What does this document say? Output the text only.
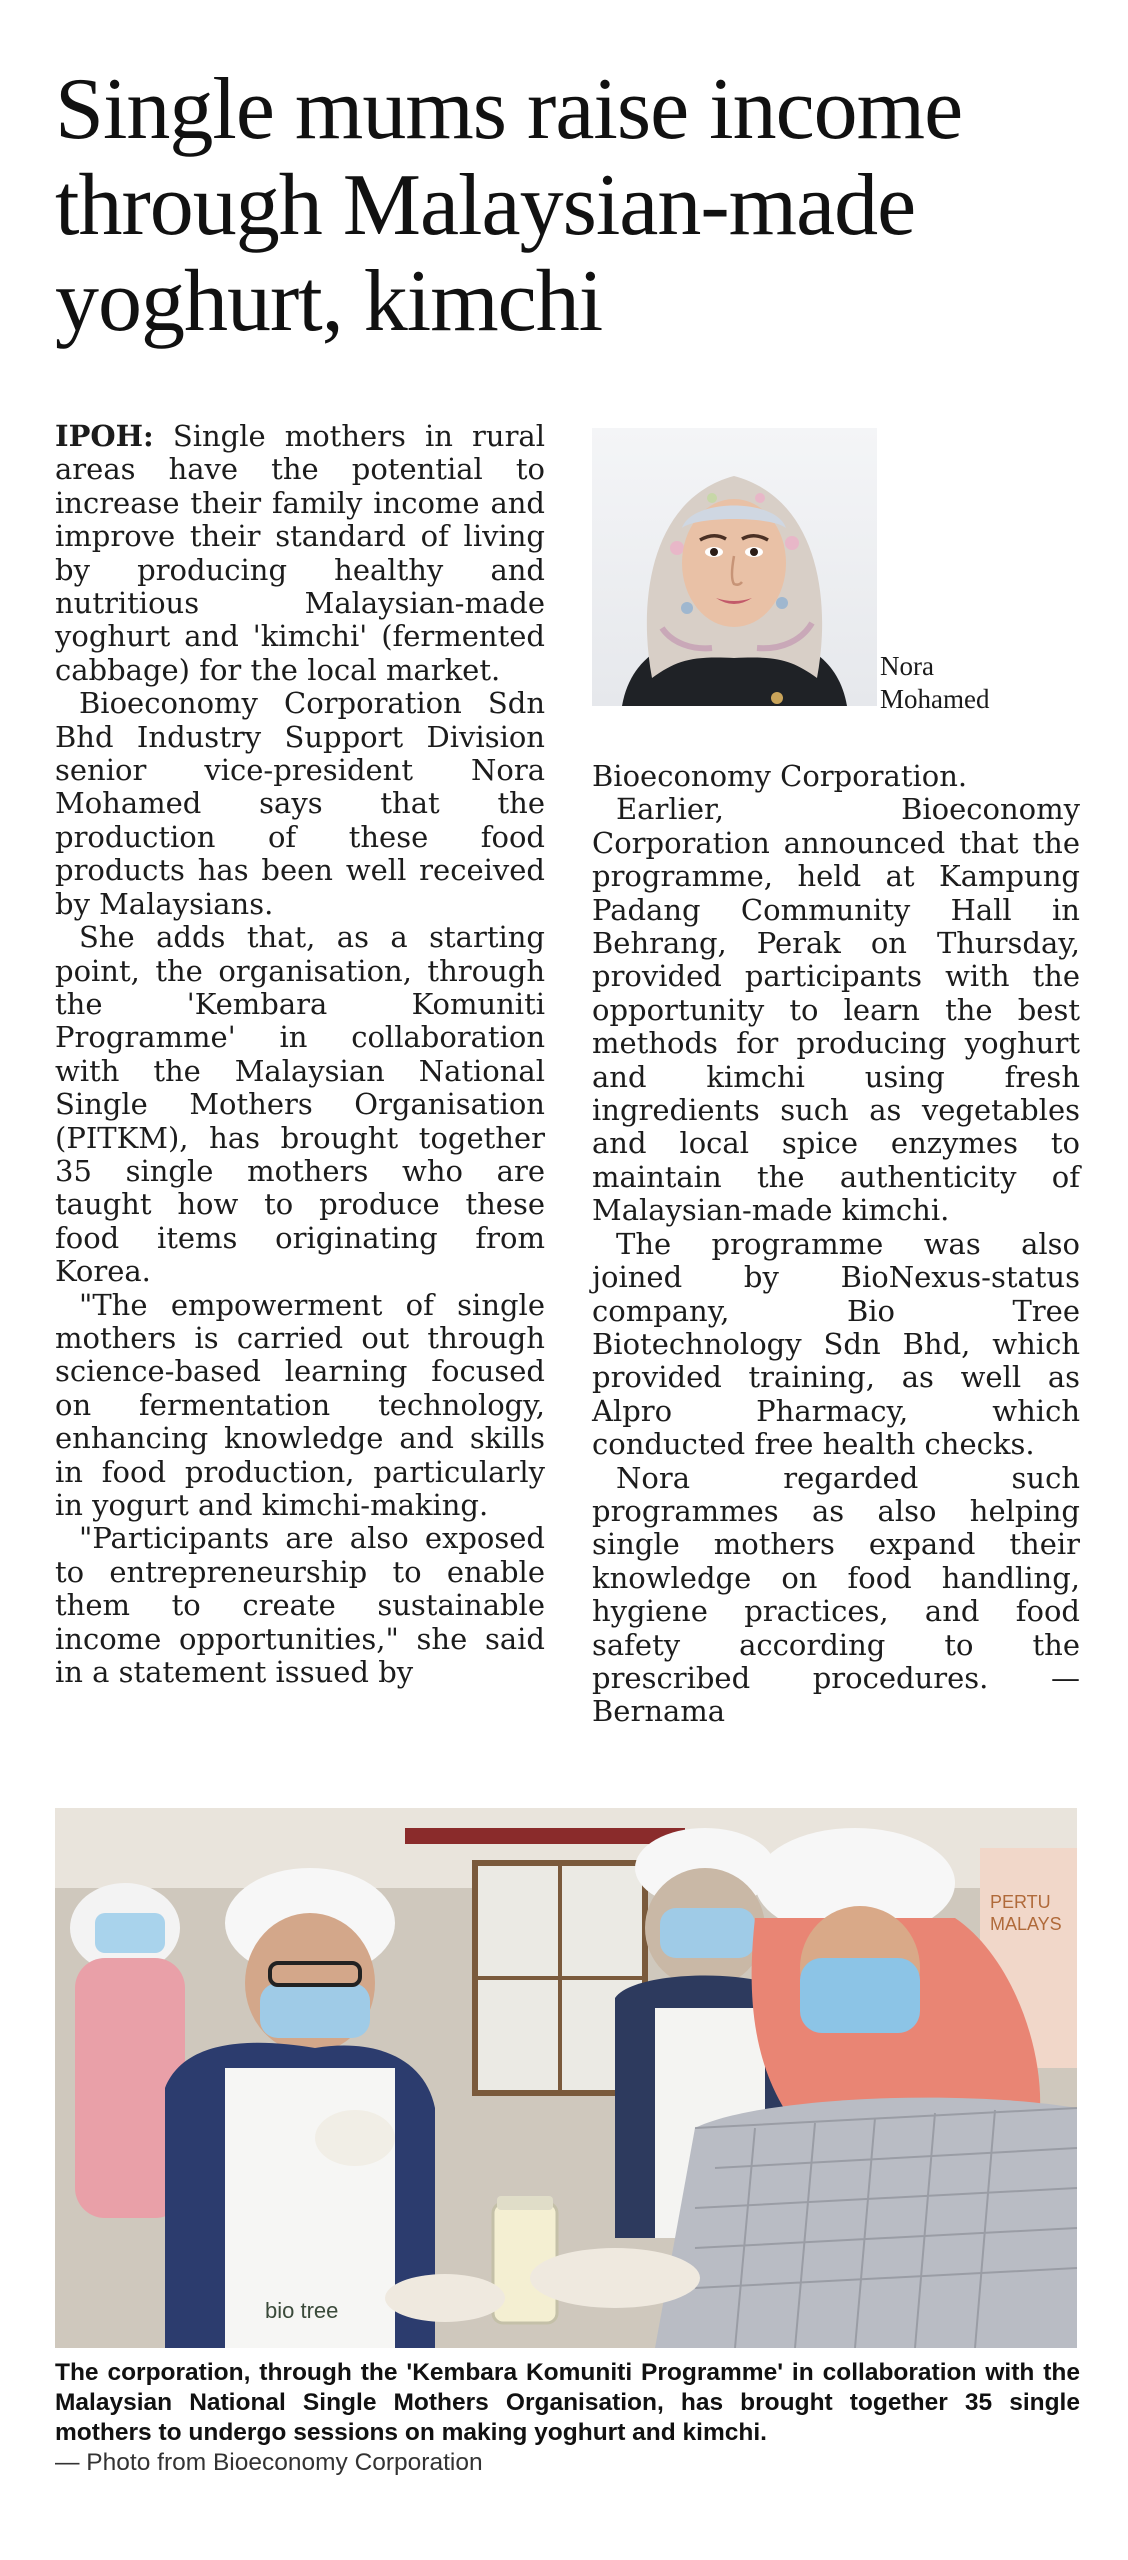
Single mums raise income through Malaysian-made yoghurt, kimchi

IPOH: Single mothers in rural areas have the potential to increase their family income and improve their standard of living by producing healthy and nutritious Malaysian-made yoghurt and 'kimchi' (fermented cabbage) for the local market.

Bioeconomy Corporation Sdn Bhd Industry Support Division senior vice-president Nora Mohamed says that the production of these food products has been well received by Malaysians.

She adds that, as a starting point, the organisation, through the 'Kembara Komuniti Programme' in collaboration with the Malaysian National Single Mothers Organisation (PITKM), has brought together 35 single mothers who are taught how to produce these food items originating from Korea.

"The empowerment of single mothers is carried out through science-based learning focused on fermentation technology, enhancing knowledge and skills in food production, particularly in yogurt and kimchi-making.

"Participants are also exposed to entrepreneurship to enable them to create sustainable income opportunities," she said in a statement issued by

Nora
Mohamed

Bioeconomy Corporation.

Earlier, Bioeconomy Corporation announced that the programme, held at Kampung Padang Community Hall in Behrang, Perak on Thursday, provided participants with the opportunity to learn the best methods for producing yoghurt and kimchi using fresh ingredients such as vegetables and local spice enzymes to maintain the authenticity of Malaysian-made kimchi.

The programme was also joined by BioNexus-status company, Bio Tree Biotechnology Sdn Bhd, which provided training, as well as Alpro Pharmacy, which conducted free health checks.

Nora regarded such programmes as also helping single mothers expand their knowledge on food handling, hygiene practices, and food safety according to the prescribed procedures. — Bernama

PERTU
MALAYS
bio tree
The corporation, through the 'Kembara Komuniti Programme' in collaboration with the Malaysian National Single Mothers Organisation, has brought together 35 single mothers to undergo sessions on making yoghurt and kimchi.
— Photo from Bioeconomy Corporation
